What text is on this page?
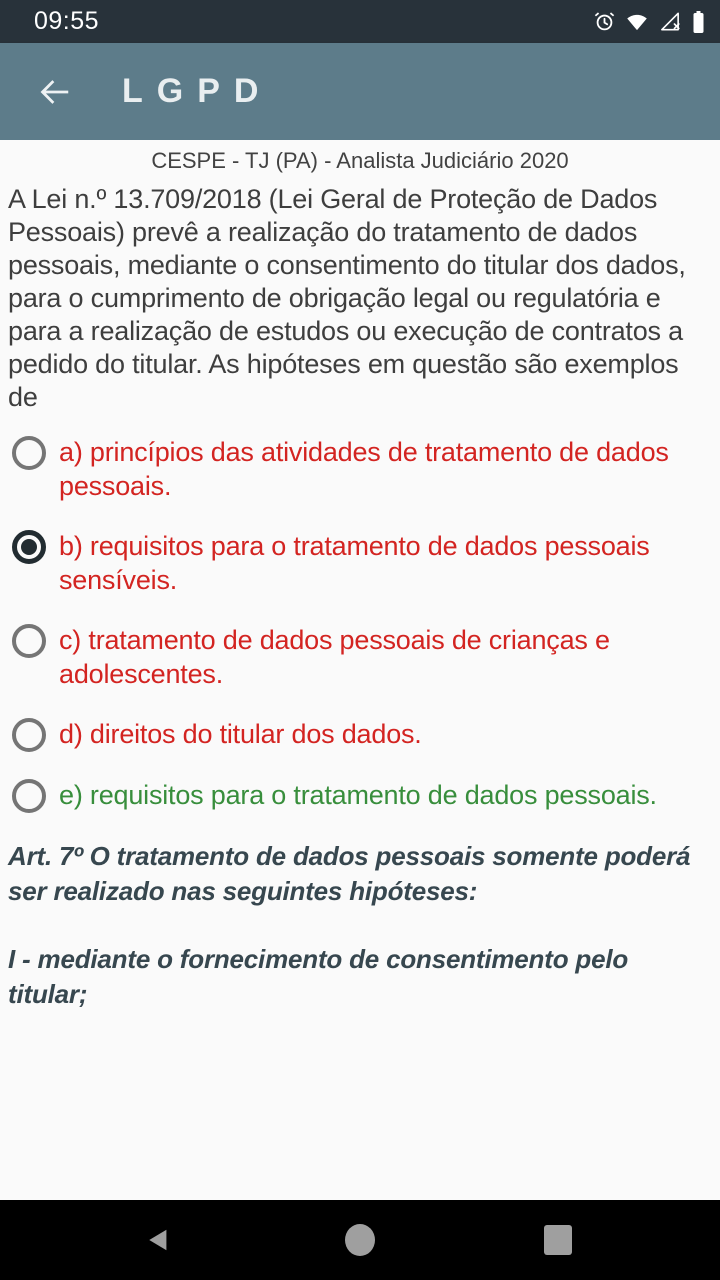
09:55
LGPD
CESPE - TJ (PA) - Analista Judiciário 2020

A Lei n.º 13.709/2018 (Lei Geral de Proteção de Dados Pessoais) prevê a realização do tratamento de dados pessoais, mediante o consentimento do titular dos dados, para o cumprimento de obrigação legal ou regulatória e para a realização de estudos ou execução de contratos a pedido do titular. As hipóteses em questão são exemplos de

a) princípios das atividades de tratamento de dados pessoais.
b) requisitos para o tratamento de dados pessoais sensíveis.
c) tratamento de dados pessoais de crianças e adolescentes.
d) direitos do titular dos dados.
e) requisitos para o tratamento de dados pessoais.

Art. 7º O tratamento de dados pessoais somente poderá ser realizado nas seguintes hipóteses:

I - mediante o fornecimento de consentimento pelo titular;
